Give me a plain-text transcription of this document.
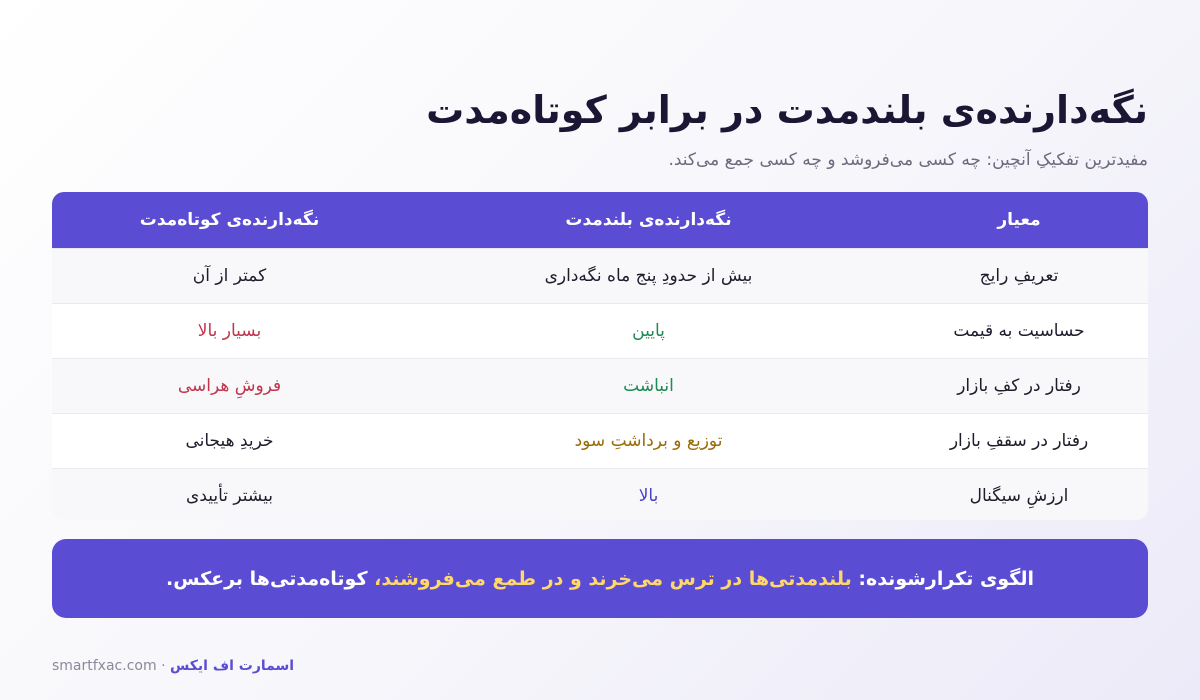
نگه‌دارنده‌ی بلندمدت در برابر کوتاه‌مدت

مفیدترین تفکیکِ آنچین: چه کسی می‌فروشد و چه کسی جمع می‌کند.

معیار	نگه‌دارنده‌ی بلندمدت	نگه‌دارنده‌ی کوتاه‌مدت
تعریفِ رایج	بیش از حدودِ پنج ماه نگه‌داری	کمتر از آن
حساسیت به قیمت	پایین	بسیار بالا
رفتار در کفِ بازار	انباشت	فروشِ هراسی
رفتار در سقفِ بازار	توزیع و برداشتِ سود	خریدِ هیجانی
ارزشِ سیگنال	بالا	بیشتر تأییدی
الگوی تکرارشونده: بلندمدتی‌ها در ترس می‌خرند و در طمع می‌فروشند، کوتاه‌مدتی‌ها برعکس.
smartfxac.com · اسمارت اف ایکس
